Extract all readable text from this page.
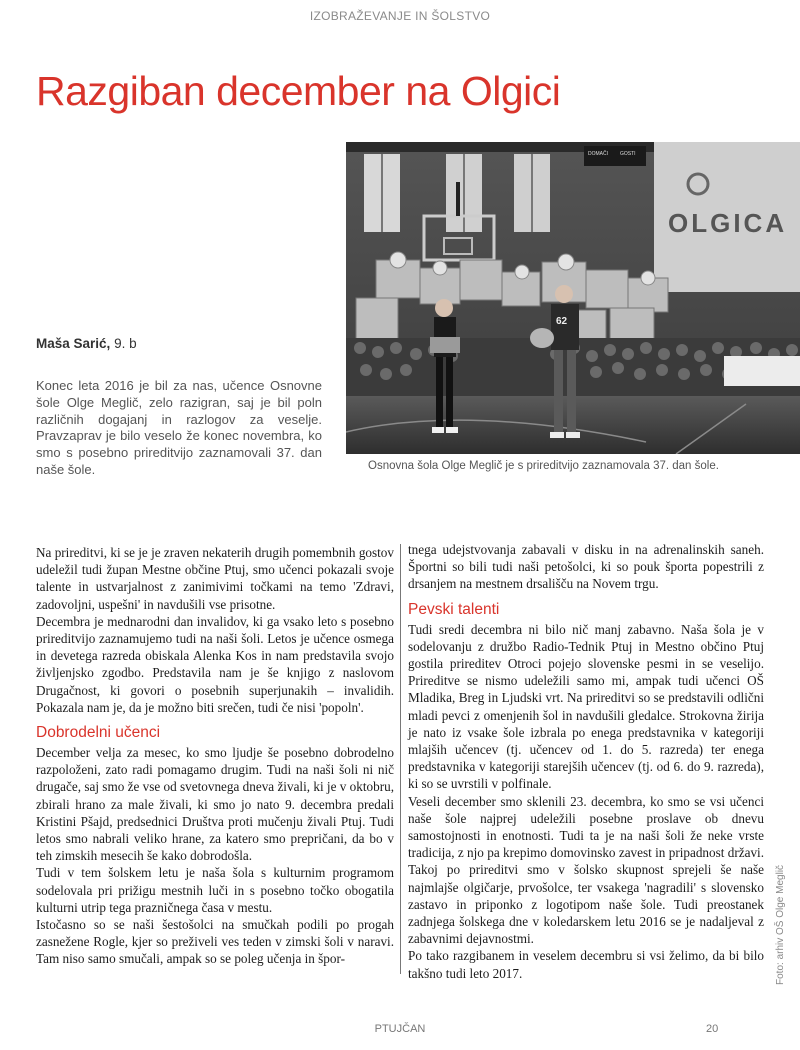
IZOBRAŽEVANJE IN ŠOLSTVO
Razgiban december na Olgici
DOMAČI GOSTI
OLGICA
62
Osnovna šola Olge Meglič je s prireditvijo zaznamovala 37. dan šole.
Maša Sarić, 9. b
Konec leta 2016 je bil za nas, učence Osnovne šole Olge Meglič, zelo razigran, saj je bil poln različnih dogajanj in razlogov za veselje. Pravzaprav je bilo veselo že konec novembra, ko smo s posebno prireditvijo zaznamovali 37. dan naše šole.

Na prireditvi, ki se je je zraven nekaterih drugih pomembnih gostov udeležil tudi župan Mestne občine Ptuj, smo učenci pokazali svoje talente in ustvarjalnost z zanimivimi točkami na temo 'Zdravi, zadovoljni, uspešni' in navdušili vse prisotne.

Decembra je mednarodni dan invalidov, ki ga vsako leto s posebno prireditvijo zaznamujemo tudi na naši šoli. Letos je učence osmega in devetega razreda obiskala Alenka Kos in nam predstavila svojo življenjsko zgodbo. Predstavila nam je še knjigo z naslovom Drugačnost, ki govori o posebnih superjunakih – invalidih. Pokazala nam je, da je možno biti srečen, tudi če nisi 'popoln'.

Dobrodelni učenci

December velja za mesec, ko smo ljudje še posebno dobrodelno razpoloženi, zato radi pomagamo drugim. Tudi na naši šoli ni nič drugače, saj smo že vse od svetovnega dneva živali, ki je v oktobru, zbirali hrano za male živali, ki smo jo nato 9. decembra predali Kristini Pšajd, predsednici Društva proti mučenju živali Ptuj. Tudi letos smo nabrali veliko hrane, za katero smo prepričani, da bo v teh zimskih mesecih še kako dobrodošla.

Tudi v tem šolskem letu je naša šola s kulturnim programom sodelovala pri prižigu mestnih luči in s posebno točko obogatila kulturni utrip tega prazničnega časa v mestu.

Istočasno so se naši šestošolci na smučkah podili po progah zasnežene Rogle, kjer so preživeli ves teden v zimski šoli v naravi. Tam niso samo smučali, ampak so se poleg učenja in špor-

tnega udejstvovanja zabavali v disku in na adrenalinskih saneh. Športni so bili tudi naši petošolci, ki so pouk športa popestrili z drsanjem na mestnem drsališču na Novem trgu.

Pevski talenti

Tudi sredi decembra ni bilo nič manj zabavno. Naša šola je v sodelovanju z družbo Radio-Tednik Ptuj in Mestno občino Ptuj gostila prireditev Otroci pojejo slovenske pesmi in se veselijo. Prireditve se nismo udeležili samo mi, ampak tudi učenci OŠ Mladika, Breg in Ljudski vrt. Na prireditvi so se predstavili odlični mladi pevci z omenjenih šol in navdušili gledalce. Strokovna žirija je nato iz vsake šole izbrala po enega predstavnika v kategoriji mlajših učencev (tj. učencev od 1. do 5. razreda) ter enega predstavnika v kategoriji starejših učencev (tj. od 6. do 9. razreda), ki so se uvrstili v polfinale.

Veseli december smo sklenili 23. decembra, ko smo se vsi učenci naše šole najprej udeležili posebne proslave ob dnevu samostojnosti in enotnosti. Tudi ta je na naši šoli že neke vrste tradicija, z njo pa krepimo domovinsko zavest in pripadnost državi. Takoj po prireditvi smo v šolsko skupnost sprejeli še naše najmlajše olgičarje, prvošolce, ter vsakega 'nagradili' s slovensko zastavo in priponko z logotipom naše šole. Tudi preostanek zadnjega šolskega dne v koledarskem letu 2016 se je nadaljeval z zabavnimi dejavnostmi.

Po tako razgibanem in veselem decembru si vsi želimo, da bi bilo takšno tudi leto 2017.	Foto: arhiv OŠ Olge Meglič
PTUJČAN	20
